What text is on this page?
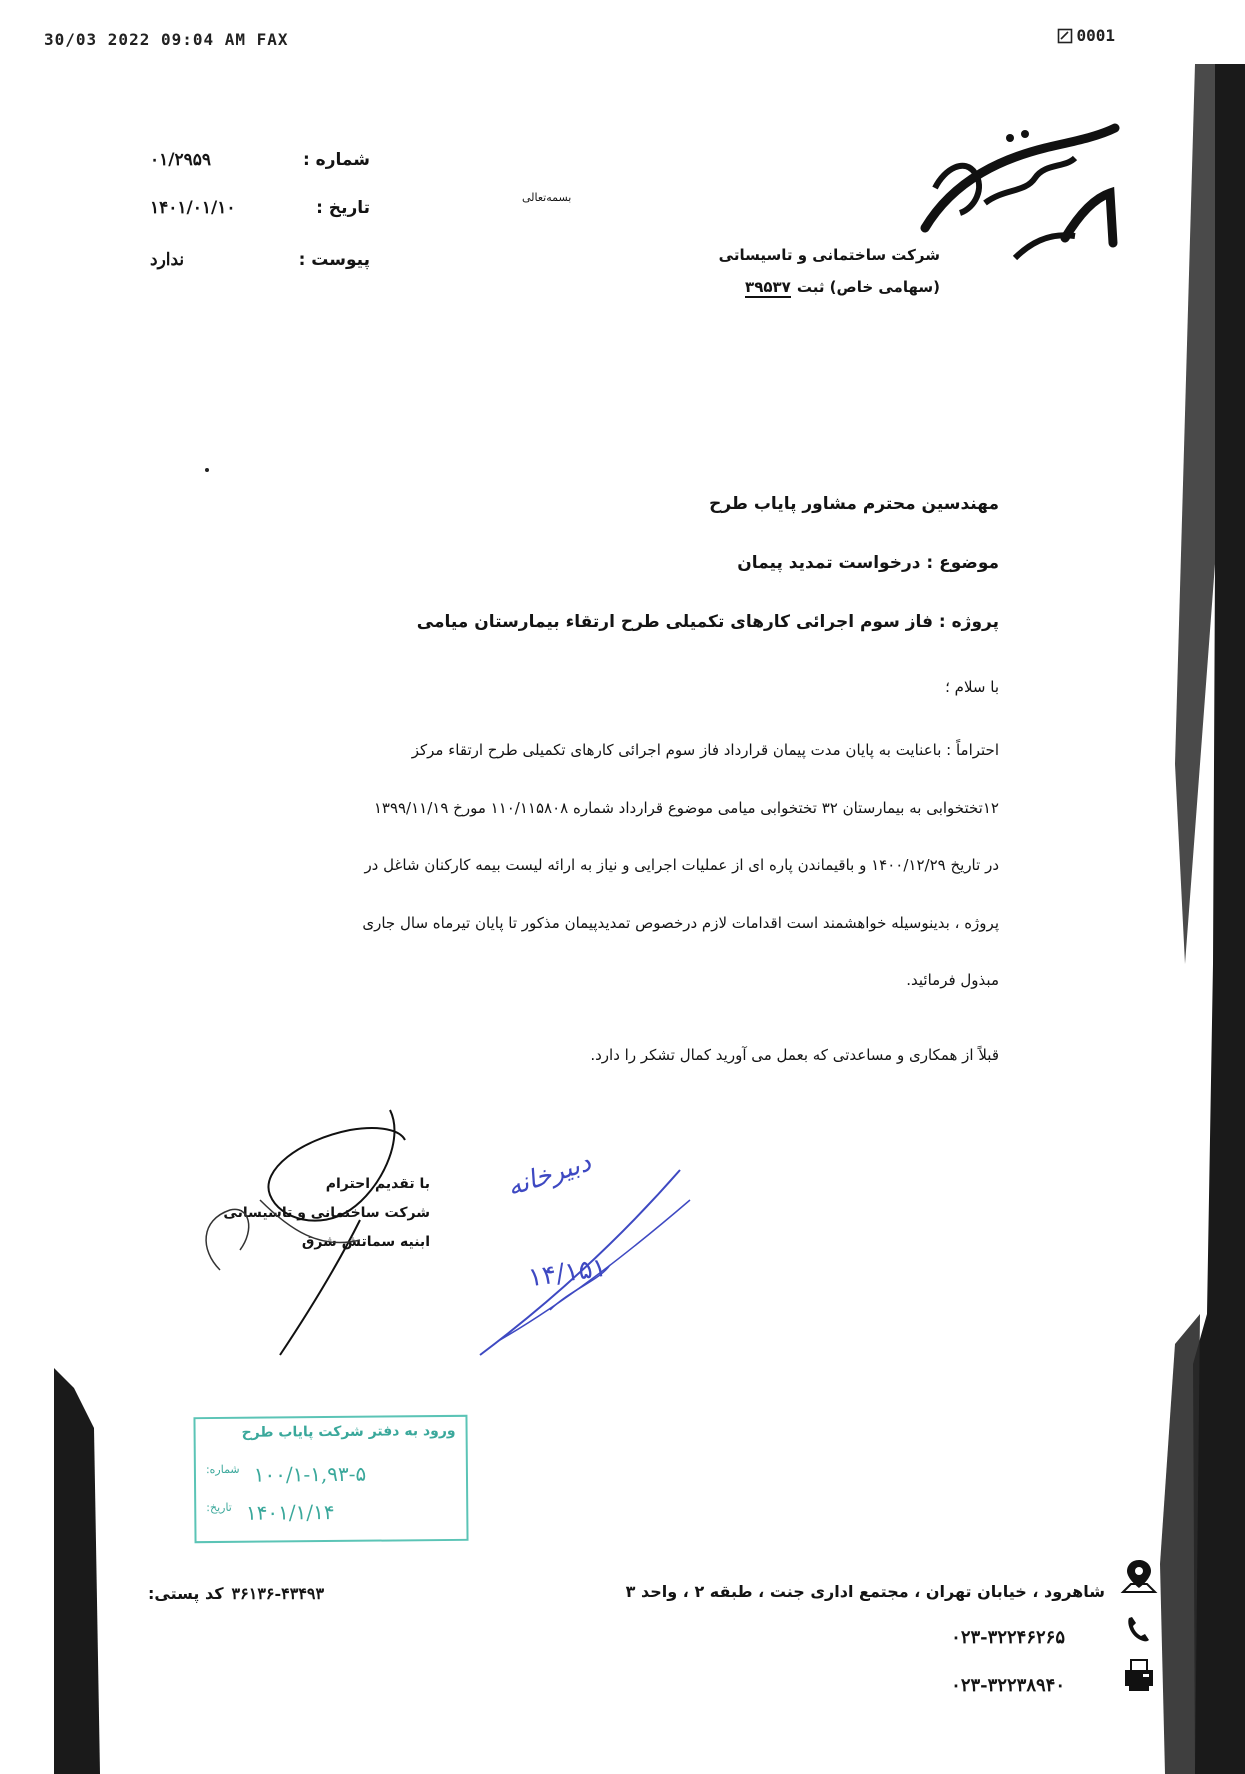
30/03 2022 09:04 AM FAX	0001
شرکت ساختمانی و تاسیساتی
(سهامی خاص) ثبت
۳۹۵۳۷
بسمه‌تعالی
شماره :
۰۱/۲۹۵۹
تاریخ :
۱۴۰۱/۰۱/۱۰
پیوست :
ندارد
مهندسین محترم مشاور پایاب طرح
موضوع : درخواست تمدید پیمان
پروژه : فاز سوم اجرائی کارهای تکمیلی طرح ارتقاء بیمارستان میامی
با سلام ؛

احتراماً : باعنایت به پایان مدت پیمان قرارداد فاز سوم اجرائی کارهای تکمیلی طرح ارتقاء مرکز

۱۲تختخوابی به بیمارستان ۳۲ تختخوابی میامی موضوع قرارداد شماره ۱۱۰/۱۱۵۸۰۸ مورخ ۱۳۹۹/۱۱/۱۹

در تاریخ ۱۴۰۰/۱۲/۲۹ و باقیماندن پاره ای از عملیات اجرایی و نیاز به ارائه لیست بیمه کارکنان شاغل در

پروژه ، بدینوسیله خواهشمند است اقدامات لازم درخصوص تمدیدپیمان مذکور تا پایان تیرماه سال جاری

مبذول فرمائید.

قبلاً از همکاری و مساعدتی که بعمل می آورید کمال تشکر را دارد.
با تقدیم احترام
شرکت ساختمانی و تاسیساتی
ابنیه سماتش شرق
دبیرخانه
۱۴/۱۵۱
ورود به دفتر شرکت پایاب طرح
شماره: ۱۰۰/۱-۱,۹۳-۵
تاریخ: ۱۴۰۱/۱/۱۴
شاهرود ، خیابان تهران ، مجتمع اداری جنت ، طبقه ۲ ، واحد ۳
کد پستی: ۳۶۱۳۶-۴۳۴۹۳
۰۲۳-۳۲۲۴۶۲۶۵
۰۲۳-۳۲۲۳۸۹۴۰
